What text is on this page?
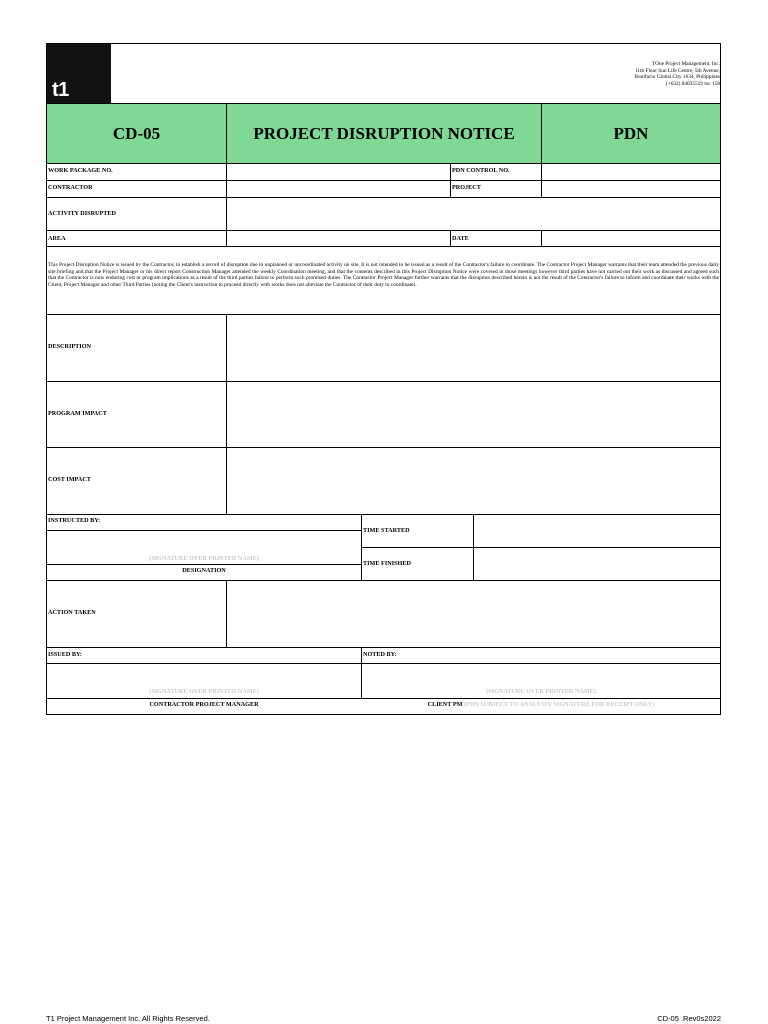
t1
TOne Project Management, Inc.
11th Floor Sun Life Centre, 5th Avenue,
Bonifacio Global City 1634, Philippines
(+632) 84035519 loc 158
CD-05	PROJECT DISRUPTION NOTICE	PDN
WORK PACKAGE NO.	PDN CONTROL NO.
CONTRACTOR	PROJECT
ACTIVITY DISRUPTED
AREA	DATE
This Project Disruption Notice is issued by the Contractor, to establish a record of disruption due to unplanned or uncoordinated activity on site. It is not intended to be issued as a result of the Contractor's failure to coordinate. The Contractor Project Manager warrants that their team attended the previous daily site briefing and that the Project Manager or his direct report Construction Manager attended the weekly Coordination meeting, and that the contents described in this Project Disruption Notice were covered in those meetings however third parties have not carried out their work as discussed and agreed such that the Contractor is now enduring cost or program implications as a result of the third parties failure to perform such promised duties. The Contractor Project Manager further warrants that the disruption described herein is not the result of the Contractor's failure to inform and coordinate their works with the Client, Project Manager and other Third Parties (noting the Client's instruction to proceed directly with works does not alleviate the Contractor of their duty to coordinate).
DESCRIPTION
PROGRAM IMPACT
COST IMPACT
INSTRUCTED BY:
(SIGNATURE OVER PRINTED NAME)
DESIGNATION
TIME STARTED
TIME FINISHED
ACTION TAKEN
ISSUED BY:	NOTED BY:
(SIGNATURE OVER PRINTED NAME)	(SIGNATURE OVER PRINTED NAME)
CONTRACTOR PROJECT MANAGER	CLIENT PM (PDN SUBJECT TO ANALYSIS/ SIGNATURE FOR RECEIPT ONLY)
T1 Project Management Inc. All Rights Reserved.	CD-05 .Rev0s2022
